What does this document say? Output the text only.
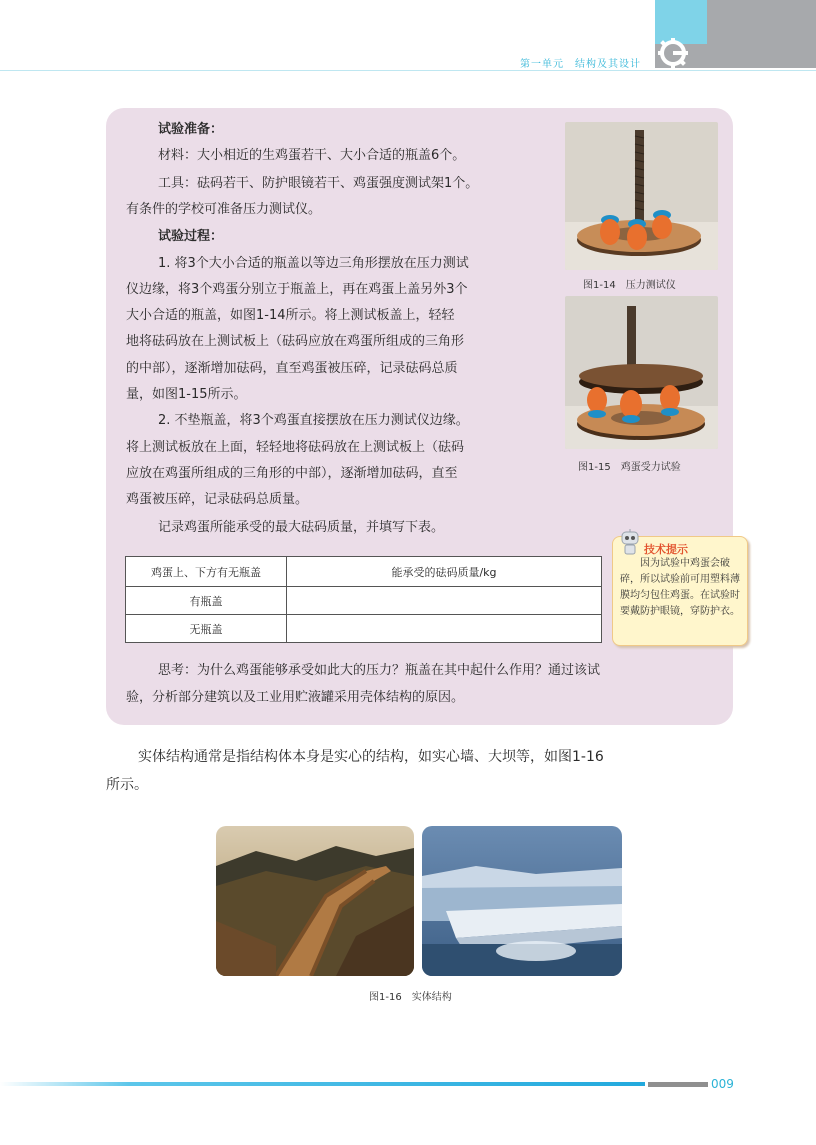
第一单元　结构及其设计
试验准备：
材料：大小相近的生鸡蛋若干、大小合适的瓶盖6个。
工具：砝码若干、防护眼镜若干、鸡蛋强度测试架1个。
有条件的学校可准备压力测试仪。
试验过程：
1. 将3个大小合适的瓶盖以等边三角形摆放在压力测试
仪边缘，将3个鸡蛋分别立于瓶盖上，再在鸡蛋上盖另外3个
大小合适的瓶盖，如图1-14所示。将上测试板盖上，轻轻
地将砝码放在上测试板上（砝码应放在鸡蛋所组成的三角形
的中部），逐渐增加砝码，直至鸡蛋被压碎，记录砝码总质
量，如图1-15所示。
2. 不垫瓶盖，将3个鸡蛋直接摆放在压力测试仪边缘。
将上测试板放在上面，轻轻地将砝码放在上测试板上（砝码
应放在鸡蛋所组成的三角形的中部），逐渐增加砝码，直至
鸡蛋被压碎，记录砝码总质量。
记录鸡蛋所能承受的最大砝码质量，并填写下表。
图1-14　压力测试仪
图1-15　鸡蛋受力试验
鸡蛋上、下方有无瓶盖	能承受的砝码质量/kg
有瓶盖	
无瓶盖	
技术提示
因为试验中鸡蛋会破碎，所以试验前可用塑料薄膜均匀包住鸡蛋。在试验时要戴防护眼镜，穿防护衣。
思考：为什么鸡蛋能够承受如此大的压力？瓶盖在其中起什么作用？通过该试
验，分析部分建筑以及工业用贮液罐采用壳体结构的原因。
实体结构通常是指结构体本身是实心的结构，如实心墙、大坝等，如图1-16
所示。
图1-16　实体结构
009
